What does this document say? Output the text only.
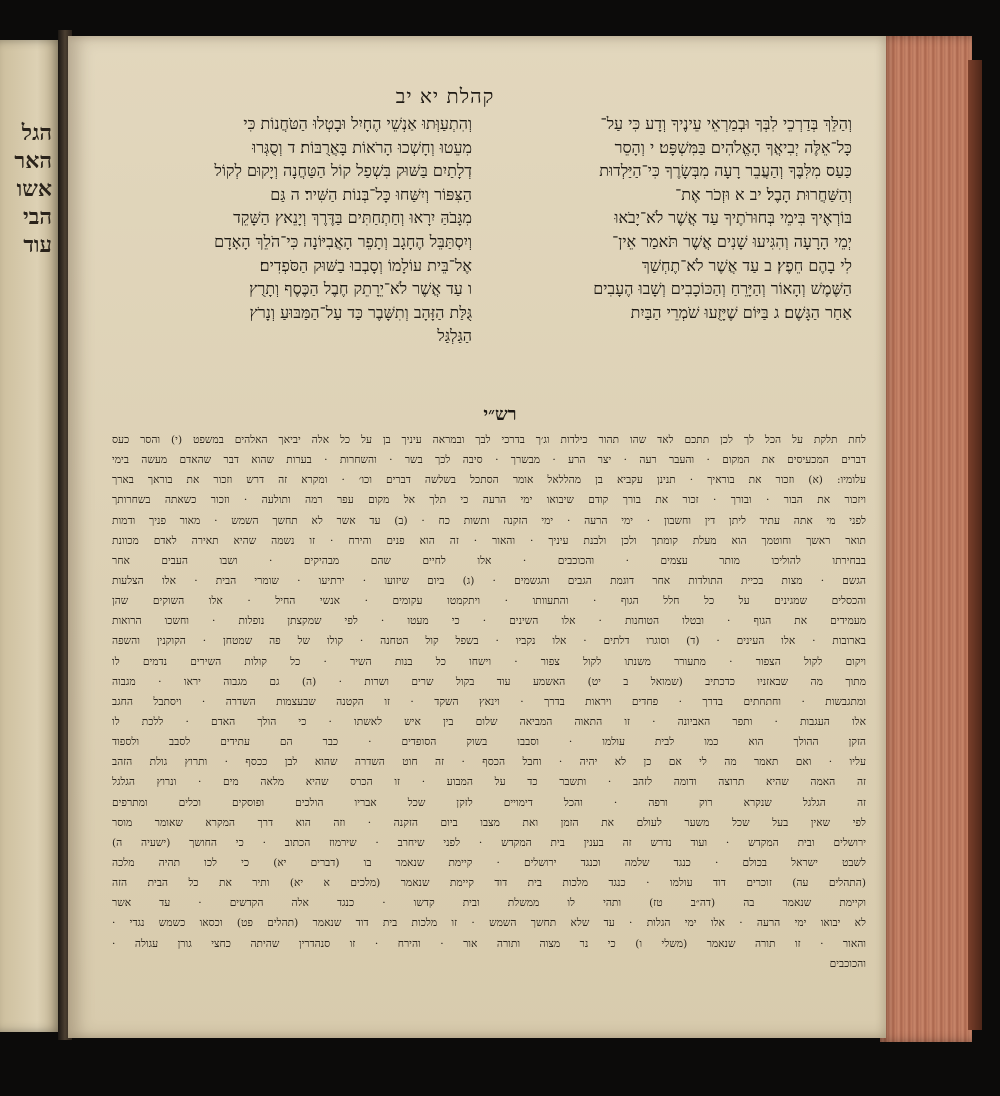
הגל
האר
אשו
הבי
עוד
קהלת יא יב
וְהַלֵּךְ בְּדַרְכֵי לִבְּךָ וּבְמַרְאֵי עֵינֶיךָ וְדָע כִּי עַל־
כָּל־אֵלֶּה יְבִיאֲךָ הָאֱלֹהִים בַּמִּשְׁפָּט׃ י וְהָסֵר
כַּעַס מִלִּבֶּךָ וְהַעֲבֵר רָעָה מִבְּשָׂרֶךָ כִּי־הַיַּלְדוּת
וְהַשַּׁחֲרוּת הָבֶל׃ יב א וּזְכֹר אֶת־
בּוֹרְאֶיךָ בִּימֵי בְּחוּרֹתֶיךָ עַד אֲשֶׁר לֹא־יָבֹאוּ
יְמֵי הָרָעָה וְהִגִּיעוּ שָׁנִים אֲשֶׁר תֹּאמַר אֵין־
לִי בָהֶם חֵפֶץ׃ ב עַד אֲשֶׁר לֹא־תֶחְשַׁךְ
הַשֶּׁמֶשׁ וְהָאוֹר וְהַיָּרֵחַ וְהַכּוֹכָבִים וְשָׁבוּ הֶעָבִים
אַחַר הַגָּשֶׁם׃ ג בַּיּוֹם שֶׁיָּזֻעוּ שֹׁמְרֵי הַבַּיִת
וְהִתְעַוְּתוּ אַנְשֵׁי הֶחָיִל וּבָטְלוּ הַטֹּחֲנוֹת כִּי
מִעֵטוּ וְחָשְׁכוּ הָרֹאוֹת בָּאֲרֻבּוֹת׃ ד וְסֻגְּרוּ
דְלָתַיִם בַּשּׁוּק בִּשְׁפַל קוֹל הַטַּחֲנָה וְיָקוּם לְקוֹל
הַצִּפּוֹר וְיִשַּׁחוּ כָּל־בְּנוֹת הַשִּׁיר׃ ה גַּם
מִגָּבֹהַּ יִרָאוּ וְחַתְחַתִּים בַּדֶּרֶךְ וְיָנֵאץ הַשָּׁקֵד
וְיִסְתַּבֵּל הֶחָגָב וְתָפֵר הָאֲבִיּוֹנָה כִּי־הֹלֵךְ הָאָדָם
אֶל־בֵּית עוֹלָמוֹ וְסָבְבוּ בַשּׁוּק הַסֹּפְדִים׃
ו עַד אֲשֶׁר לֹא־יֵרָתֵק חֶבֶל הַכֶּסֶף וְתָרֻץ
גֻּלַּת הַזָּהָב וְתִשָּׁבֶר כַּד עַל־הַמַּבּוּעַ וְנָרֹץ
הַגַּלְגַּל
רש״י
לחת תלקת על הכל לך לכן תתכם לאד שהו תהור כילדות וג׳ך בדרכי לבך ובמראה עיניך בן על כל אלה יביאך האלהים במשפט (י) והסר כעס
דברים המכעיסים את המקום · והעבר רעה · יצר הרע · מבשרך · סיבה לכך בשר · והשחרות · בערות שהוא דבר שהאדם מעשה בימי
עלומיו: (א) וזכור את בוראיך · תנינן עקביא בן מהללאל אומר הסתכל בשלשה דברים וכו׳ · ומקרא זה דרש וזכור את בוראך בארך
ויזכור את הבור · ובורך · זכור את בורך קודם שיבואו ימי הרעה כי תלך אל מקום עפר רמה ותולעה · וזכור כשאתה בשחרותך
לפני מי אתה עתיד ליתן דין וחשבון · ימי הרעה · ימי הזקנה ותשות כח · (ב) עד אשר לא תחשך השמש · מאור פניך ודמות
תואר ראשך וחוטמך הוא מעלת קומתך ולכן ולבנת עיניך · והאור · זה הוא פנים והירח · זו נשמה שהיא תאירה לאדם מכוונת
בבחירתו להוליכו מותר עצמים · והכוכבים · אלו לחיים שהם מבהיקים · ושבו העבים אחר
הגשם · מצות בכיית התולדות אחר דוגמת הגבים והגשמים · (ג) ביום שיזועו · ירתיעו · שומרי הבית · אלו הצלעות
והכסלים שמגינים על כל חלל הגוף · והתעוותו · ויתקמטו עקומים · אנשי החיל · אלו השוקים שהן
מעמידים את הגוף · ובטלו הטוחנות · אלו השינים · כי מעטו · לפי שמקצתן נופלות · וחשכו הרואות
בארובות · אלו העינים · (ד) וסוגרו דלתים · אלו נקביו · בשפל קול הטחנה · קולו של פה שמטחן · הקוקנין והשפה
ויקום לקול הצפור · מתעורר משנתו לקול צפור · וישחו כל בנות השיר · כל קולות השירים נדמים לו
מתוך מה שבאזניו כדכתיב (שמואל ב יט) האשמע עוד בקול שרים ושרות · (ה) גם מגבוה יראו · מגבוה
ומתגבשות · וחתחתים בדרך · פחדים ויראות בדרך · וינאץ השקד · זו הקטנה שבעצמות השדרה · ויסתבל החגב
אלו העגבות · ותפר האביונה · זו התאוה המביאה שלום בין איש לאשתו · כי הולך האדם · ללכת לו
הזקן ההולך הוא כמו לבית עולמו · וסבבו בשוק הסופדים · כבר הם עתידים לסבב ולספוד
עליו · ואם תאמר מה לי אם כן לא יהיה · וחבל הכסף · זה חוט השדרה שהוא לבן ככסף · ותרוץ גולת הזהב
זה האמה שהיא תרוצה ודומה לזהב · ותשבר כד על המבוע · זו הכרס שהיא מלאה מים · ונרוץ הגלגל
זה הגלגל שנקרא רוק ורפה · והכל דימויים לזקן שכל אבריו הולכים ופוסקים וכלים ומתרפים
לפי שאין בעל שכל משער לעולם את הזמן ואת מצבו ביום הזקנה · וזה הוא דרך המקרא שאומר מוסר
ירושלים ובית המקדש · ועוד נדרש זה בענין בית המקדש · לפני שיחרב · שירמוז הכתוב · כי החושך (ישעיה ה)
לשבט ישראל בכולם · כנגד שלמה וכנגד ירושלים · קיימת שנאמר בו (דברים יא) כי לכו תהיה מלכה
(התהלים עה) זוכרים דוד עולמו · כנגד מלכות בית דוד קיימת שנאמר (מלכים א יא) ותיר את כל הבית הזה
וקיימת שנאמר בה (דה״ב טז) ותהי לו ממשלת ובית קדשו · כנגד אלה הקדשים · עד אשר
לא יבואו ימי הרעה · אלו ימי הגלות · עד שלא תחשך השמש · זו מלכות בית דוד שנאמר (תהלים פט) וכסאו כשמש נגדי ·
והאור · זו תורה שנאמר (משלי ו) כי נר מצוה ותורה אור · והירח · זו סנהדרין שהיתה כחצי גורן עגולה ·
והכוכבים
